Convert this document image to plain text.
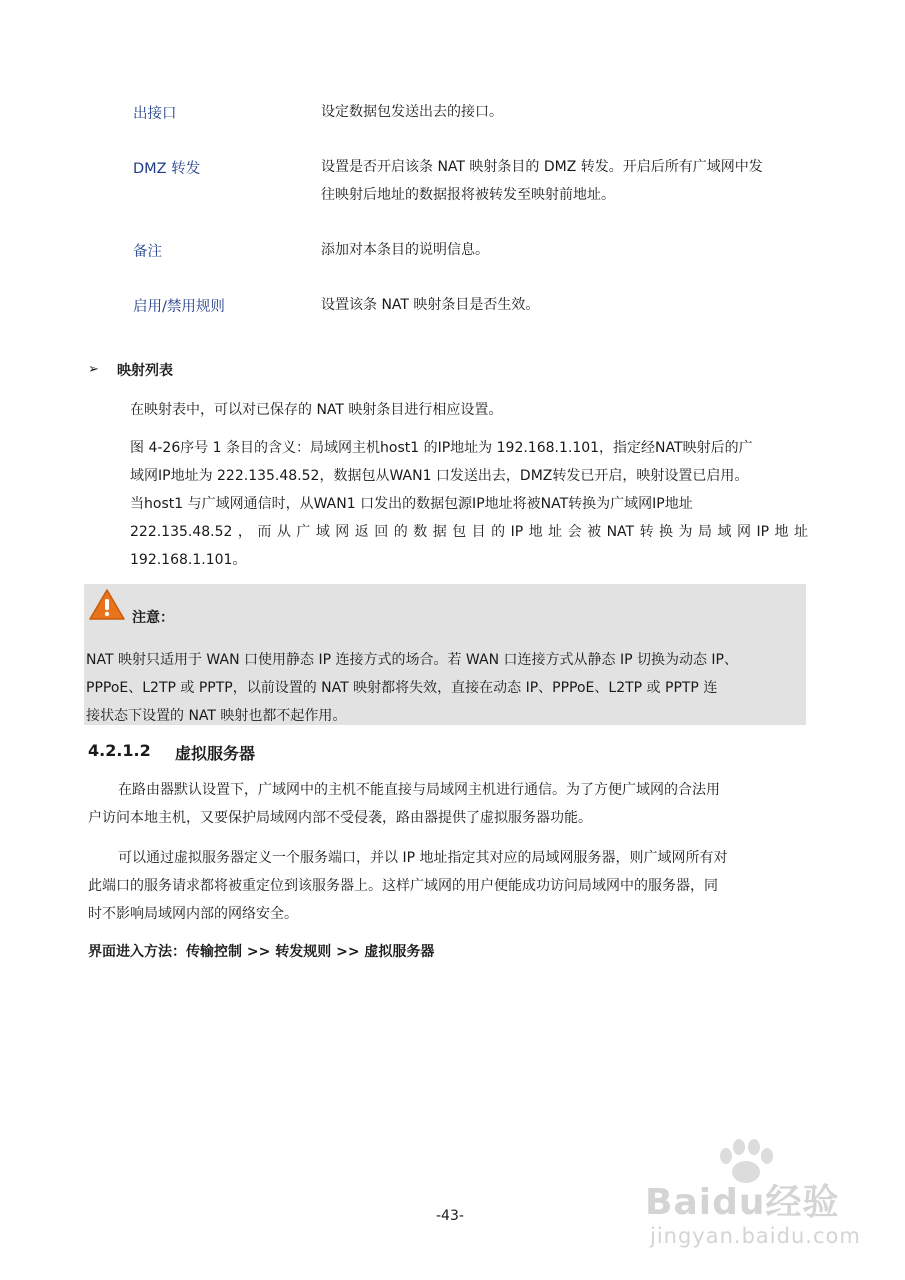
出接口	设定数据包发送出去的接口。
DMZ 转发	设置是否开启该条 NAT 映射条目的 DMZ 转发。开启后所有广域网中发
往映射后地址的数据报将被转发至映射前地址。
备注	添加对本条目的说明信息。
启用/禁用规则	设置该条 NAT 映射条目是否生效。
➢ 映射列表
在映射表中，可以对已保存的 NAT 映射条目进行相应设置。
图 4-26序号 1 条目的含义：局域网主机host1 的IP地址为 192.168.1.101，指定经NAT映射后的广
域网IP地址为 222.135.48.52，数据包从WAN1 口发送出去，DMZ转发已开启，映射设置已启用。
当host1 与广域网通信时，从WAN1 口发出的数据包源IP地址将被NAT转换为广域网IP地址
222.135.48.52，而从广域网返回的数据包目的IP地址会被NAT转换为局域网IP地址
192.168.1.101。
注意：
NAT 映射只适用于 WAN 口使用静态 IP 连接方式的场合。若 WAN 口连接方式从静态 IP 切换为动态 IP、
PPPoE、L2TP 或 PPTP，以前设置的 NAT 映射都将失效，直接在动态 IP、PPPoE、L2TP 或 PPTP 连
接状态下设置的 NAT 映射也都不起作用。
4.2.1.2 虚拟服务器
在路由器默认设置下，广域网中的主机不能直接与局域网主机进行通信。为了方便广域网的合法用
户访问本地主机，又要保护局域网内部不受侵袭，路由器提供了虚拟服务器功能。
可以通过虚拟服务器定义一个服务端口，并以 IP 地址指定其对应的局域网服务器，则广域网所有对
此端口的服务请求都将被重定位到该服务器上。这样广域网的用户便能成功访问局域网中的服务器，同
时不影响局域网内部的网络安全。
界面进入方法：传输控制 >> 转发规则 >> 虚拟服务器
-43-	Baidu经验
jingyan.baidu.com
